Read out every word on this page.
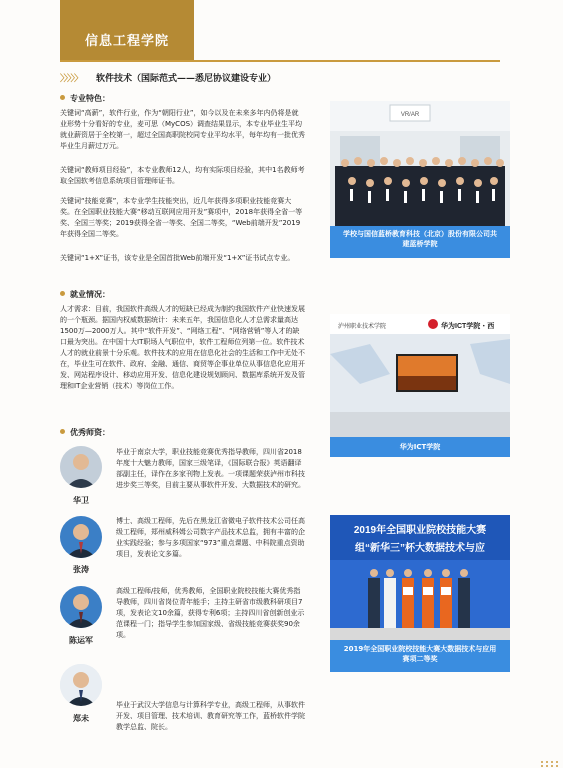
信息工程学院
〉〉〉〉〉 软件技术（国际范式——悉尼协议建设专业）
专业特色：
关键词“高薪”，软件行业，作为“朝阳行业”，如今以及在未来多年内仍将是就业形势十分看好的专业，麦可思（MyCOS）调查结果显示，本专业毕业生平均就业薪资居于全校第一，超过全国高职院校同专业平均水平，每年均有一批优秀毕业生月薪过万元。
关键词“教师项目经验”，本专业教师12人，均有实际项目经验，其中1名教师考取全国软考信息系统项目管理师证书。
关键词“技能竞赛”，本专业学生技能突出，近几年获得多项职业技能竞赛大奖。在全国职业技能大赛“移动互联网应用开发”赛项中，2018年获得全省一等奖、全国三等奖；2019获得全省一等奖、全国二等奖，“Web前端开发”2019年获得全国二等奖。
关键词“1+X”证书，该专业是全国首批Web前端开发“1+X”证书试点专业。
就业情况：
人才需求：目前，我国软件高级人才的短缺已经成为制约我国软件产业快速发展的一个瓶颈。据国内权威数据统计：未来五年，我国信息化人才总需求量高达1500万—2000万人。其中“软件开发”、“网络工程”、“网络营销”等人才的缺口最为突出。在中国十大IT职场人气职位中，软件工程师位列第一位。软件技术人才的就业前景十分乐观。软件技术的应用在信息化社会的生活和工作中无处不在，毕业生可在软件、政府、金融、通信、商贸等企事业单位从事信息化应用开发、网站程序设计、移动应用开发、信息化建设规划顾问、数据库系统开发及管理和IT企业营销（技术）等岗位工作。
优秀师资：
华卫
毕业于南京大学，职业技能竞赛优秀指导教师，四川省2018年度十大魅力教师，国家三级笔译，《国际联合报》英语翻译部副主任，译作在多家刊物上发表。一项课题荣获泸州市科技进步奖三等奖，目前主要从事软件开发、大数据技术的研究。
张涛
博士、高级工程师，先后在黑龙江省微电子软件技术公司任高级工程师，郑州威科姆公司数字产品技术总监，拥有丰富的企业实践经验；参与多项国家“973”重点课题、中科院重点资助项目，发表论文多篇。
陈运军
高级工程师/技师，优秀教师，全国职业院校技能大赛优秀指导教师，四川省岗位青年能手；主持主研省市级教科研项目7项，发表论文10余篇，获得专利6项；主持四川省创新创业示范课程一门；指导学生参加国家级、省级技能竞赛获奖90余项。
郑未
毕业于武汉大学信息与计算科学专业，高级工程师，从事软件开发、项目管理、技术培训、教育研究等工作，蓝桥软件学院教学总监、院长。
VR/AR
学校与国信蓝桥教育科技（北京）股份有限公司共建蓝桥学院
泸州职业技术学院	华为ICT学院・西
华为ICT学院
2019年全国职业院校技能大赛
组“新华三”杯大数据技术与应
2019年全国职业院校技能大赛大数据技术与应用赛项二等奖
